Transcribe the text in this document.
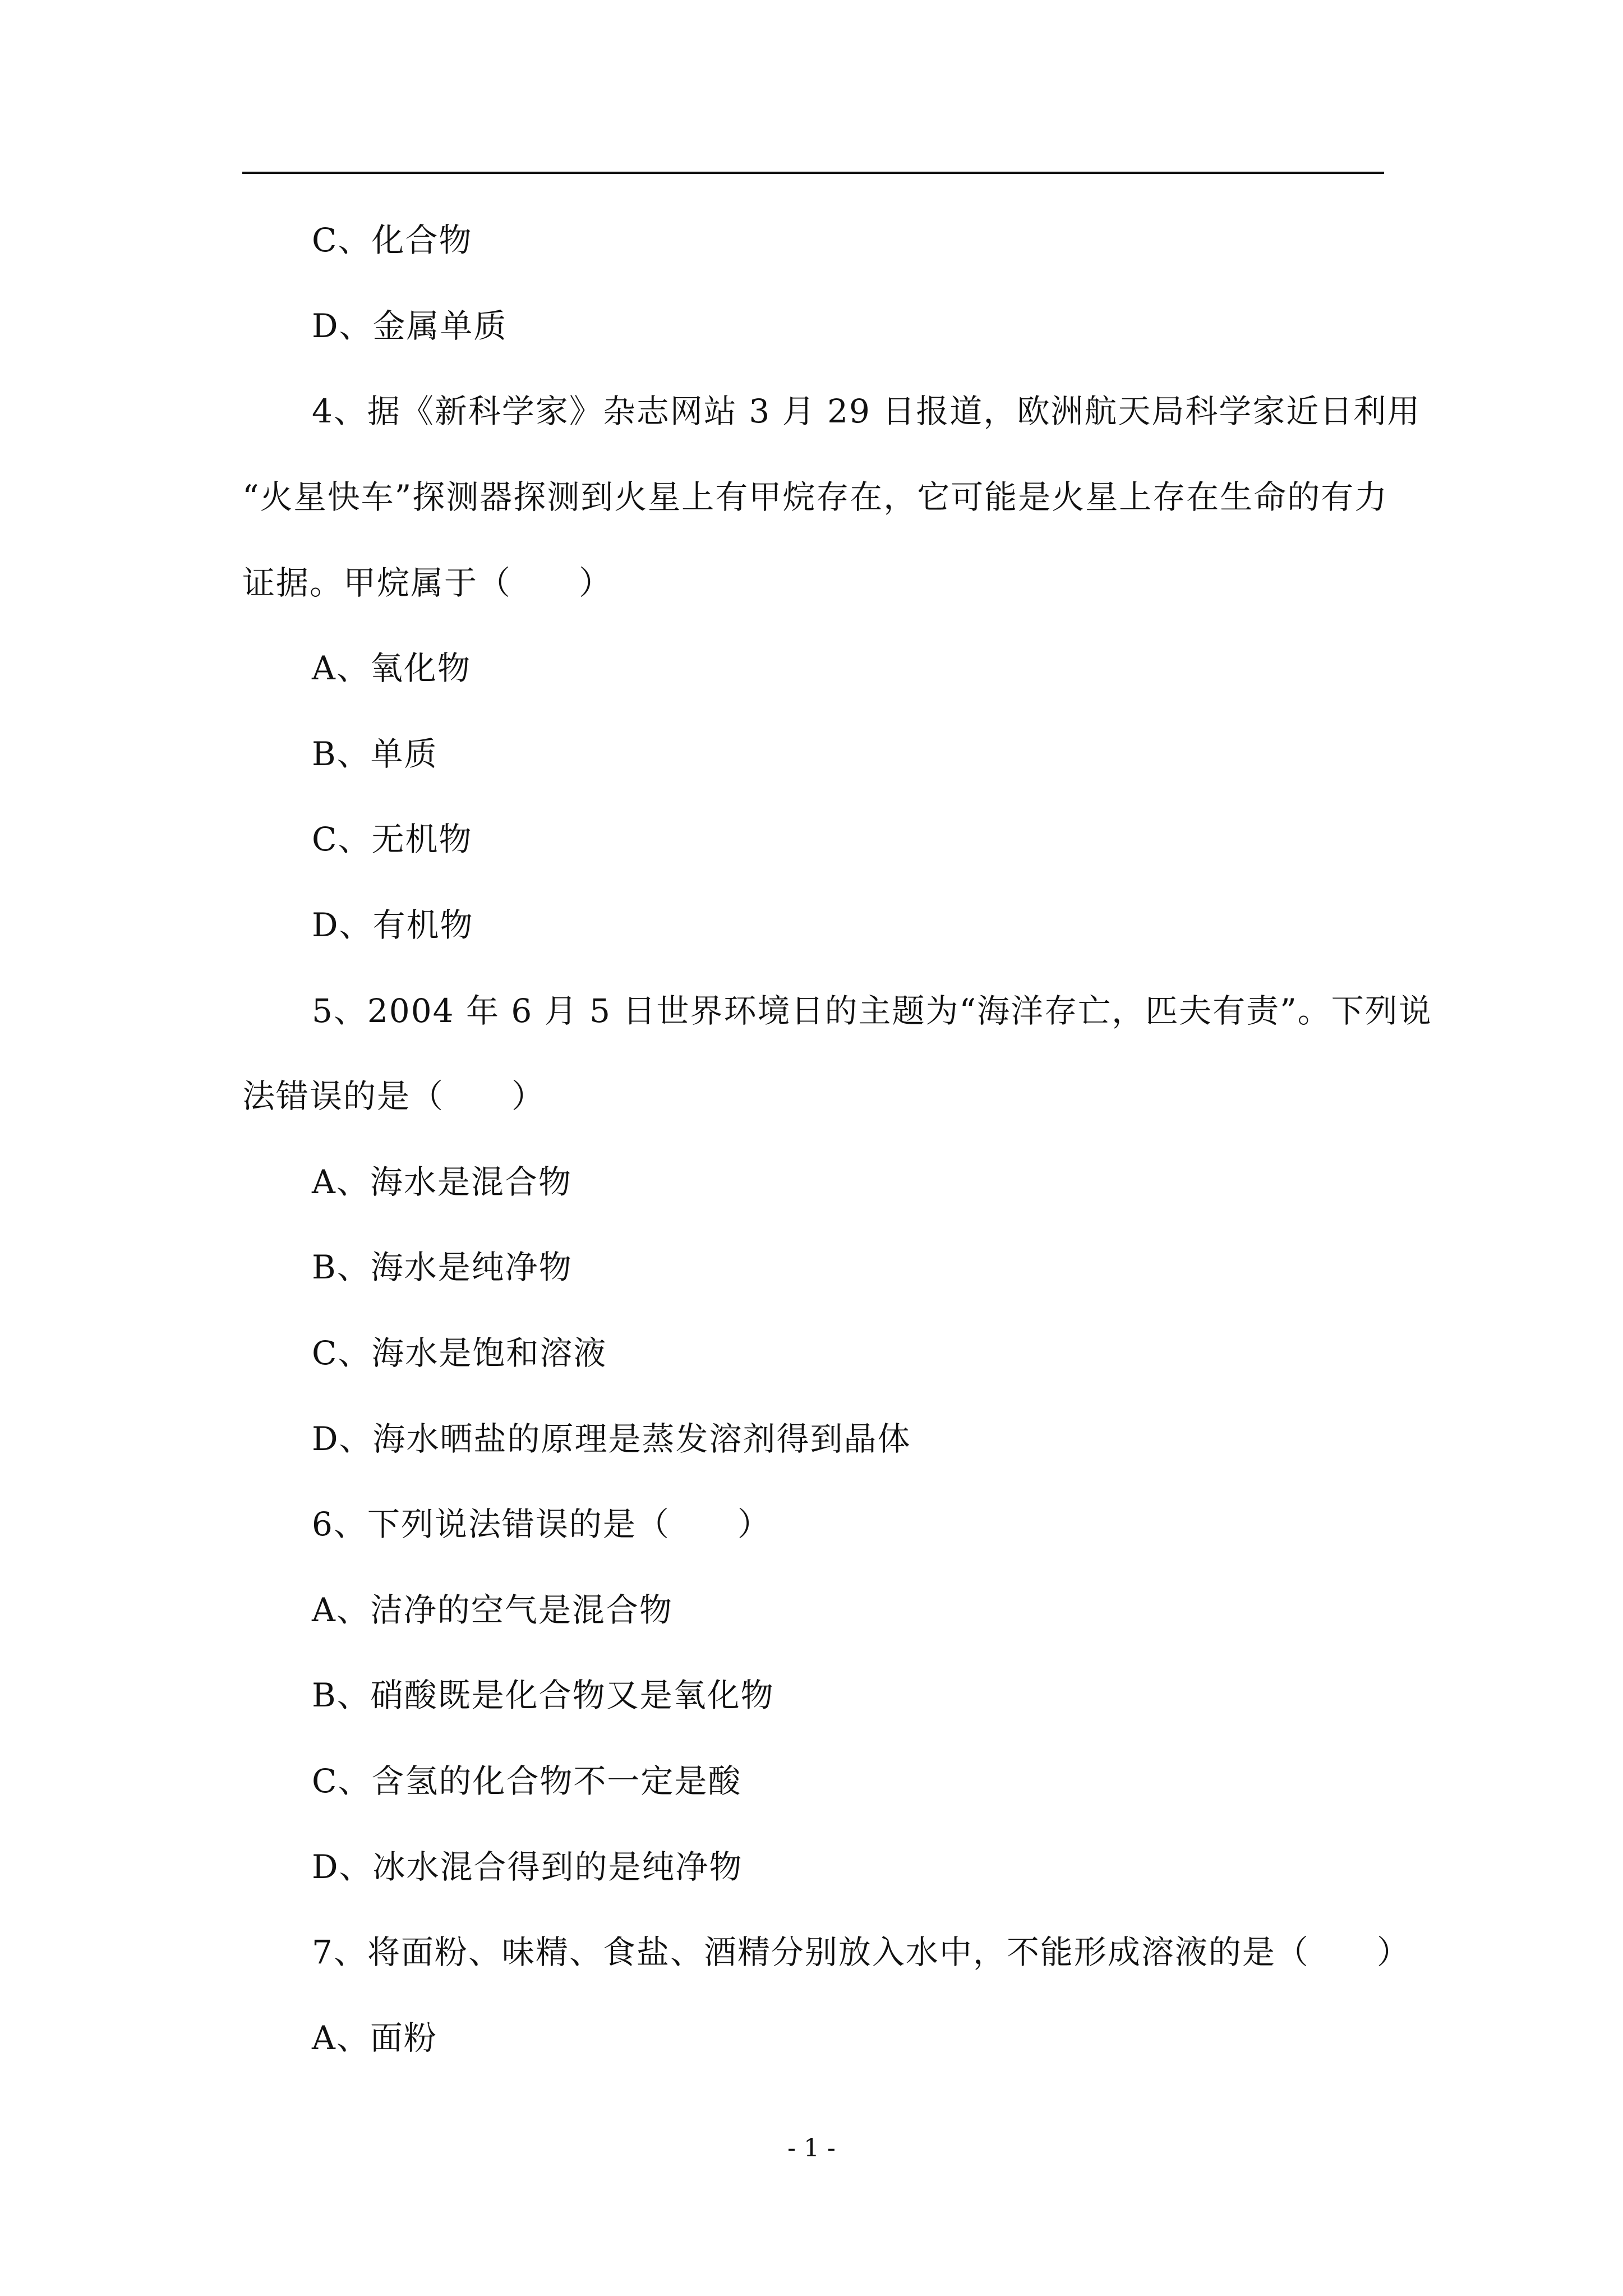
C、化合物
D、金属单质
4、据《新科学家》杂志网站 3 月 29 日报道，欧洲航天局科学家近日利用
“火星快车”探测器探测到火星上有甲烷存在，它可能是火星上存在生命的有力
证据。甲烷属于（　　）
A、氧化物
B、单质
C、无机物
D、有机物
5、2004 年 6 月 5 日世界环境日的主题为“海洋存亡，匹夫有责”。下列说
法错误的是（　　）
A、海水是混合物
B、海水是纯净物
C、海水是饱和溶液
D、海水晒盐的原理是蒸发溶剂得到晶体
6、下列说法错误的是（　　）
A、洁净的空气是混合物
B、硝酸既是化合物又是氧化物
C、含氢的化合物不一定是酸
D、冰水混合得到的是纯净物
7、将面粉、味精、食盐、酒精分别放入水中，不能形成溶液的是（　　）
A、面粉
- 1 -
